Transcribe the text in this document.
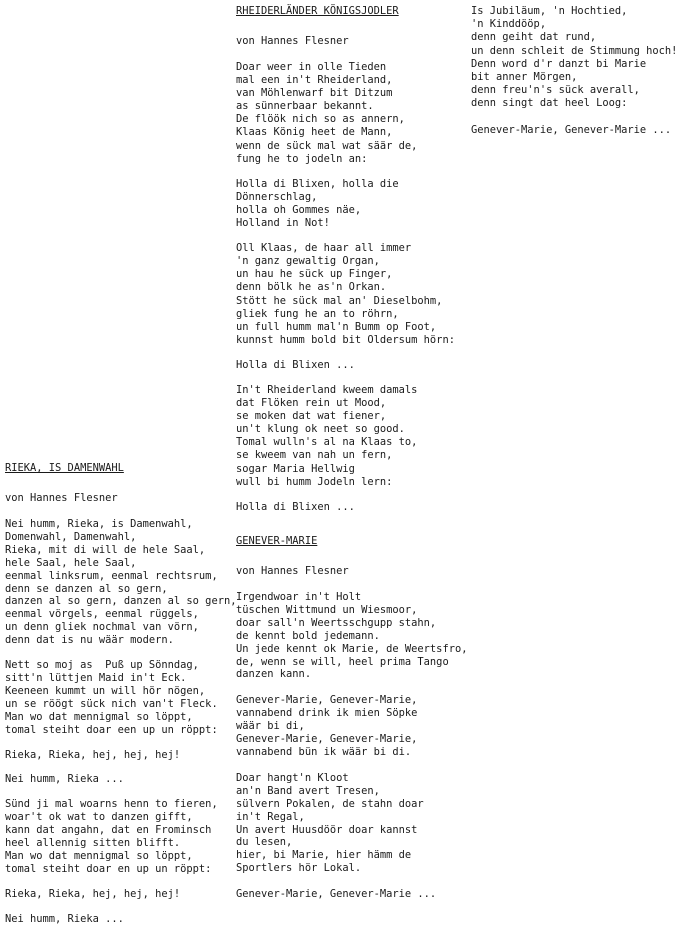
RHEIDERLÄNDER KÖNIGSJODLER
von Hannes Flesner

Doar weer in olle Tieden
mal een in't Rheiderland,
van Möhlenwarf bit Ditzum
as sünnerbaar bekannt.
De flöök nich so as annern,
Klaas König heet de Mann,
wenn de sück mal wat säär de,
fung he to jodeln an:

Holla di Blixen, holla die
Dönnerschlag,
holla oh Gommes näe,
Holland in Not!

Oll Klaas, de haar all immer
'n ganz gewaltig Organ,
un hau he sück up Finger,
denn bölk he as'n Orkan.
Stött he sück mal an' Dieselbohm,
gliek fung he an to röhrn,
un full humm mal'n Bumm op Foot,
kunnst humm bold bit Oldersum hörn:

Holla di Blixen ...

In't Rheiderland kweem damals
dat Flöken rein ut Mood,
se moken dat wat fiener,
un't klung ok neet so good.
Tomal wulln's al na Klaas to,
se kweem van nah un fern,
sogar Maria Hellwig
wull bi humm Jodeln lern:

Holla di Blixen ...

GENEVER-MARIE
von Hannes Flesner

Irgendwoar in't Holt
tüschen Wittmund un Wiesmoor,
doar sall'n Weertsschgupp stahn,
de kennt bold jedemann.
Un jede kennt ok Marie, de Weertsfro,
de, wenn se will, heel prima Tango
danzen kann.

Genever-Marie, Genever-Marie,
vannabend drink ik mien Söpke
wäär bi di,
Genever-Marie, Genever-Marie,
vannabend bün ik wäär bi di.

Doar hangt'n Kloot
an'n Band avert Tresen,
sülvern Pokalen, de stahn doar
in't Regal,
Un avert Huusdöör doar kannst
du lesen,
hier, bi Marie, hier hämm de
Sportlers hör Lokal.

Genever-Marie, Genever-Marie ...

Is Jubiläum, 'n Hochtied,
'n Kinddööp,
denn geiht dat rund,
un denn schleit de Stimmung hoch!
Denn word d'r danzt bi Marie
bit anner Mörgen,
denn freu'n's sück averall,
denn singt dat heel Loog:

Genever-Marie, Genever-Marie ...

RIEKA, IS DAMENWAHL
von Hannes Flesner

Nei humm, Rieka, is Damenwahl,
Domenwahl, Damenwahl,
Rieka, mit di will de hele Saal,
hele Saal, hele Saal,
eenmal linksrum, eenmal rechtsrum,
denn se danzen al so gern,
danzen al so gern, danzen al so gern,
eenmal vörgels, eenmal rüggels,
un denn gliek nochmal van vörn,
denn dat is nu wäär modern.

Nett so moj as  Puß up Sönndag,
sitt'n lüttjen Maid in't Eck.
Keeneen kummt un will hör nögen,
un se röögt sück nich van't Fleck.
Man wo dat mennigmal so löppt,
tomal steiht doar een up un röppt:

Rieka, Rieka, hej, hej, hej!

Nei humm, Rieka ...

Sünd ji mal woarns henn to fieren,
woar't ok wat to danzen gifft,
kann dat angahn, dat en Frominsch
heel allennig sitten blifft.
Man wo dat mennigmal so löppt,
tomal steiht doar en up un röppt:

Rieka, Rieka, hej, hej, hej!

Nei humm, Rieka ...
